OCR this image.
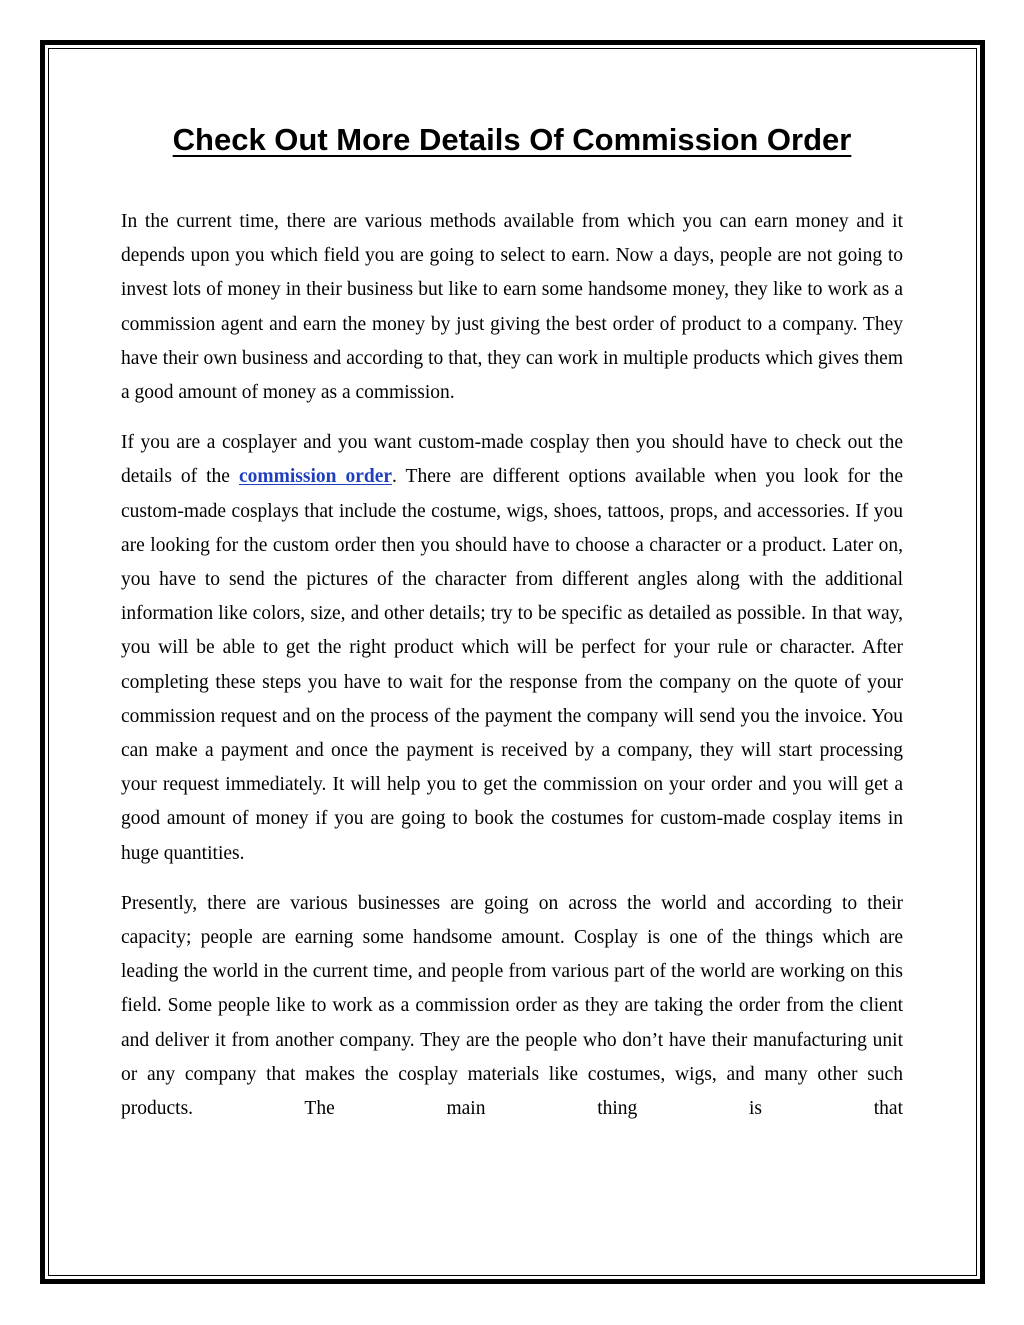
Check Out More Details Of Commission Order

In the current time, there are various methods available from which you can earn money and it depends upon you which field you are going to select to earn. Now a days, people are not going to invest lots of money in their business but like to earn some handsome money, they like to work as a commission agent and earn the money by just giving the best order of product to a company. They have their own business and according to that, they can work in multiple products which gives them a good amount of money as a commission.

If you are a cosplayer and you want custom-made cosplay then you should have to check out the details of the commission order. There are different options available when you look for the custom-made cosplays that include the costume, wigs, shoes, tattoos, props, and accessories. If you are looking for the custom order then you should have to choose a character or a product. Later on, you have to send the pictures of the character from different angles along with the additional information like colors, size, and other details; try to be specific as detailed as possible. In that way, you will be able to get the right product which will be perfect for your rule or character. After completing these steps you have to wait for the response from the company on the quote of your commission request and on the process of the payment the company will send you the invoice. You can make a payment and once the payment is received by a company, they will start processing your request immediately. It will help you to get the commission on your order and you will get a good amount of money if you are going to book the costumes for custom-made cosplay items in huge quantities.

Presently, there are various businesses are going on across the world and according to their capacity; people are earning some handsome amount. Cosplay is one of the things which are leading the world in the current time, and people from various part of the world are working on this field. Some people like to work as a commission order as they are taking the order from the client and deliver it from another company. They are the people who don’t have their manufacturing unit or any company that makes the cosplay materials like costumes, wigs, and many other such products. The main thing is that
